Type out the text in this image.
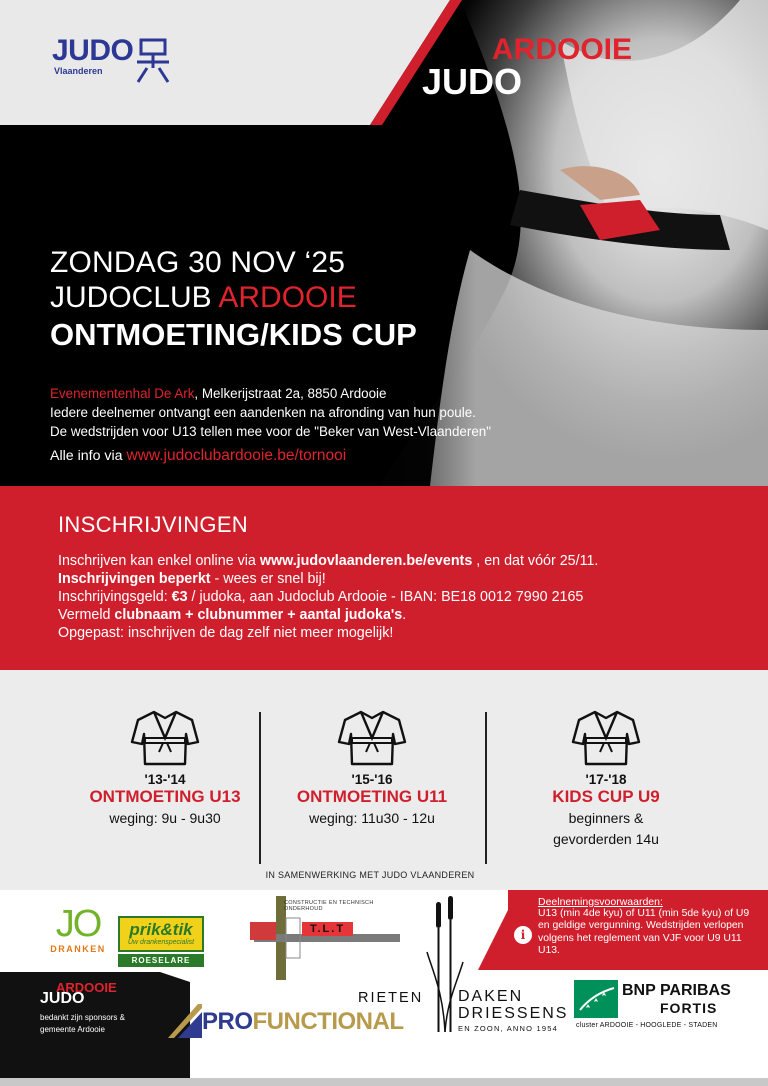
JUDO
Vlaanderen
ARDOOIE
JUDO
ZONDAG 30 NOV ‘25
JUDOCLUB ARDOOIE
ONTMOETING/KIDS CUP
Evenementenhal De Ark, Melkerijstraat 2a, 8850 Ardooie
Iedere deelnemer ontvangt een aandenken na afronding van hun poule.
De wedstrijden voor U13 tellen mee voor de "Beker van West-Vlaanderen"
Alle info via www.judoclubardooie.be/tornooi
INSCHRIJVINGEN
Inschrijven kan enkel online via www.judovlaanderen.be/events , en dat vóór 25/11.
Inschrijvingen beperkt - wees er snel bij!
Inschrijvingsgeld: €3 / judoka, aan Judoclub Ardooie - IBAN: BE18 0012 7990 2165
Vermeld clubnaam + clubnummer + aantal judoka's.
Opgepast: inschrijven de dag zelf niet meer mogelijk!
'13-'14
ONTMOETING U13
weging: 9u - 9u30
'15-'16
ONTMOETING U11
weging: 11u30 - 12u
'17-'18
KIDS CUP U9
beginners &
gevorderden 14u
IN SAMENWERKING MET JUDO VLAANDEREN
JO
DRANKEN
prik&tik
Uw drankenspecialist
ROESELARE
CONSTRUCTIE EN TECHNISCH ONDERHOUD
T.L.T	i
Deelnemingsvoorwaarden:
U13 (min 4de kyu) of U11 (min 5de kyu) of U9 en geldige vergunning. Wedstrijden verlopen volgens het reglement van VJF voor U9 U11 U13.
ARDOOIE
JUDO
bedankt zijn sponsors &
gemeente Ardooie	PROFUNCTIONAL
RIETEN DAKEN
DRIESSENS
EN ZOON, ANNO 1954
BNP PARIBAS
FORTIS
cluster ARDOOIE - HOOGLEDE - STADEN
